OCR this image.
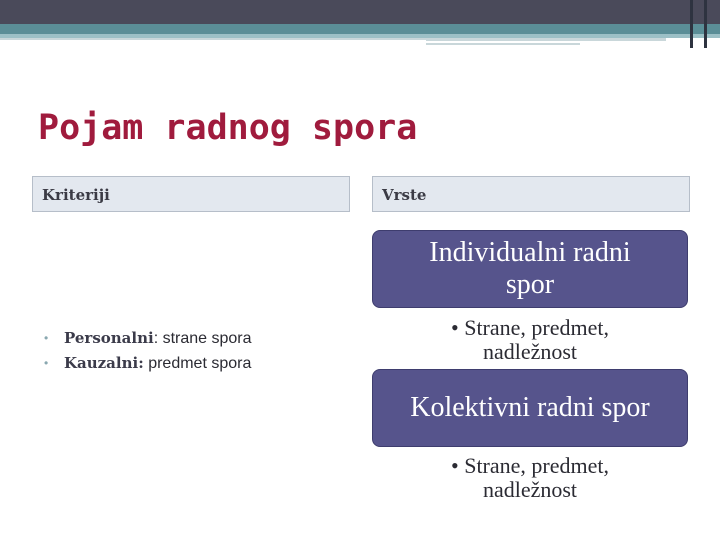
Pojam radnog spora
Kriteriji	Vrste
• Personalni: strane spora
• Kauzalni: predmet spora
Individualni radni spor
• Strane, predmet,
nadležnost
Kolektivni radni spor
• Strane, predmet,
nadležnost
